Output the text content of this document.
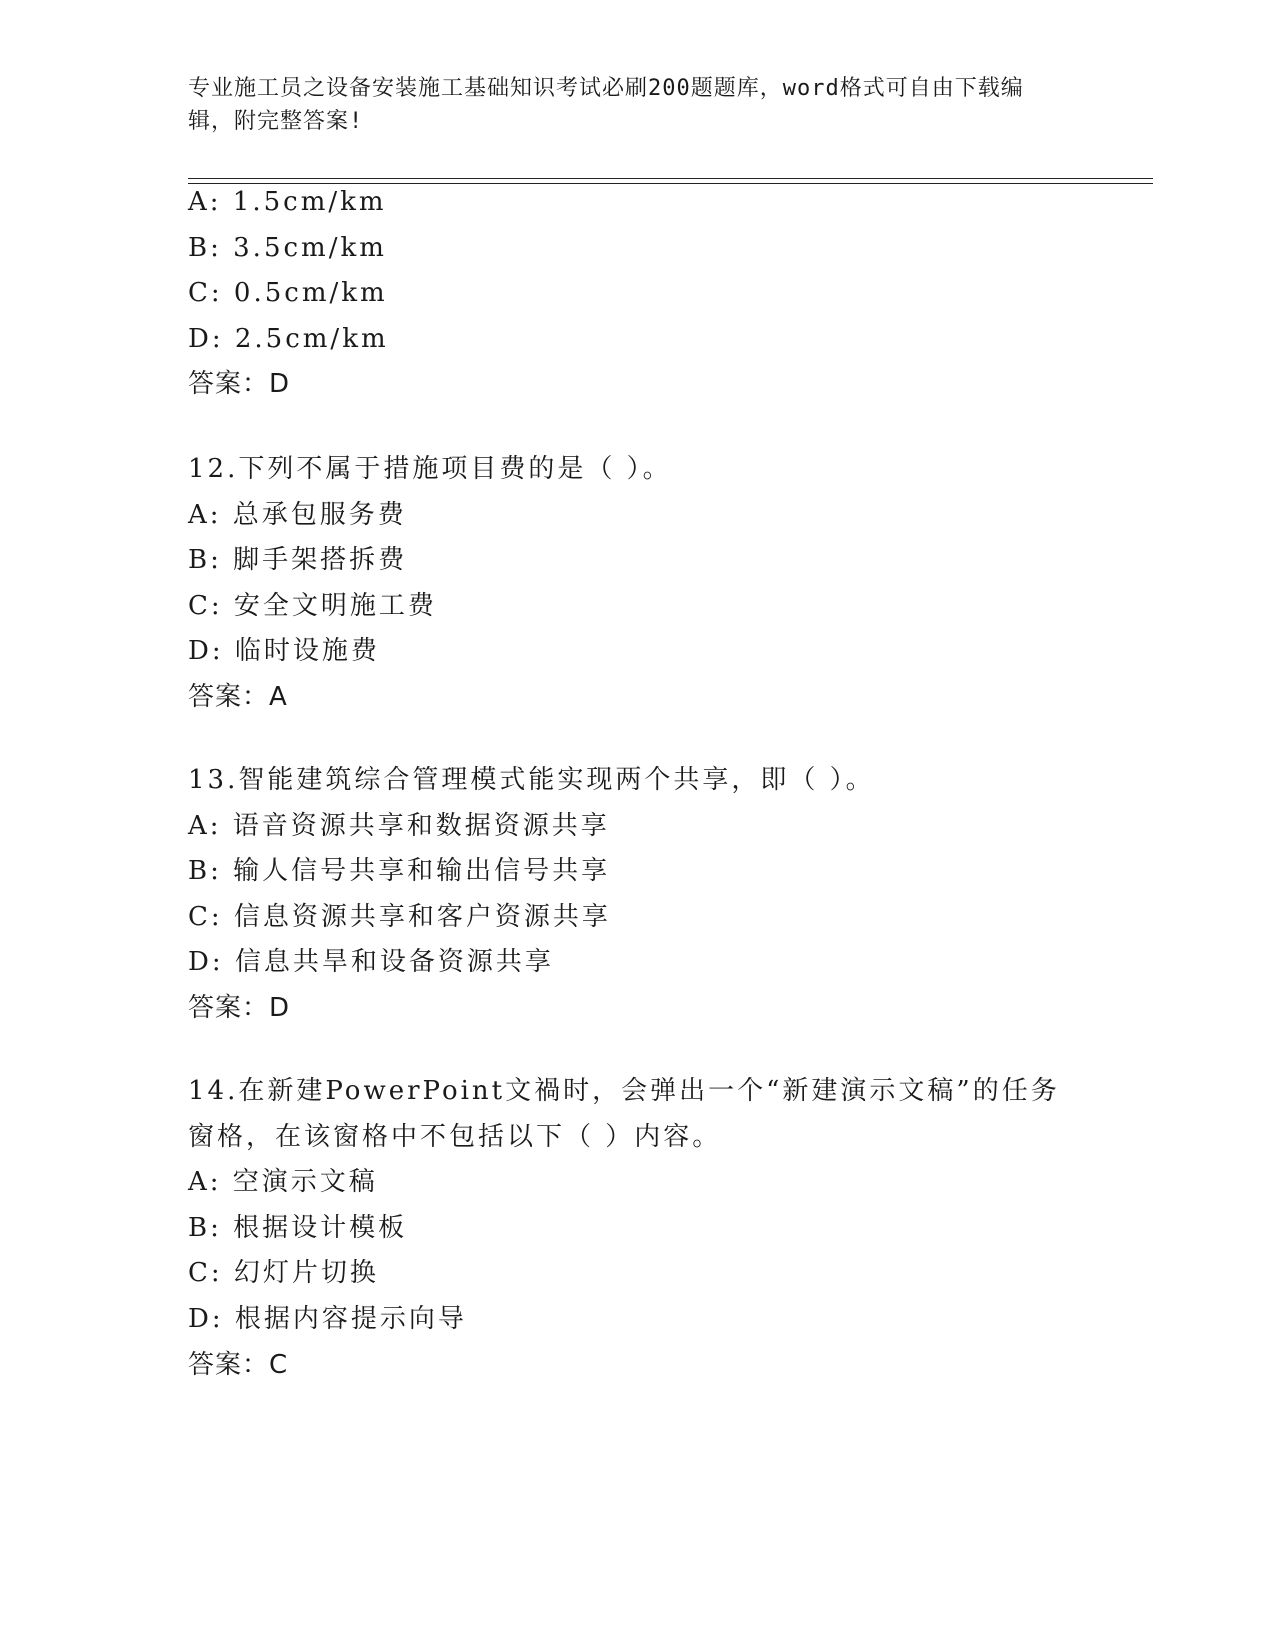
专业施工员之设备安装施工基础知识考试必刷200题题库，word格式可自由下载编辑，附完整答案!
A: 1.5cm/km
B: 3.5cm/km
C: 0.5cm/km
D: 2.5cm/km
答案：D
12.下列不属于措施项目费的是（ ）。
A: 总承包服务费
B: 脚手架搭拆费
C: 安全文明施工费
D: 临时设施费
答案：A
13.智能建筑综合管理模式能实现两个共享，即（ ）。
A: 语音资源共享和数据资源共享
B: 输人信号共享和输出信号共享
C: 信息资源共享和客户资源共享
D: 信息共旱和设备资源共享
答案：D
14.在新建PowerPoint文禍时，会弹出一个“新建演示文稿”的任务
窗格，在该窗格中不包括以下（ ）内容。
A: 空演示文稿
B: 根据设计模板
C: 幻灯片切换
D: 根据内容提示向导
答案：C
